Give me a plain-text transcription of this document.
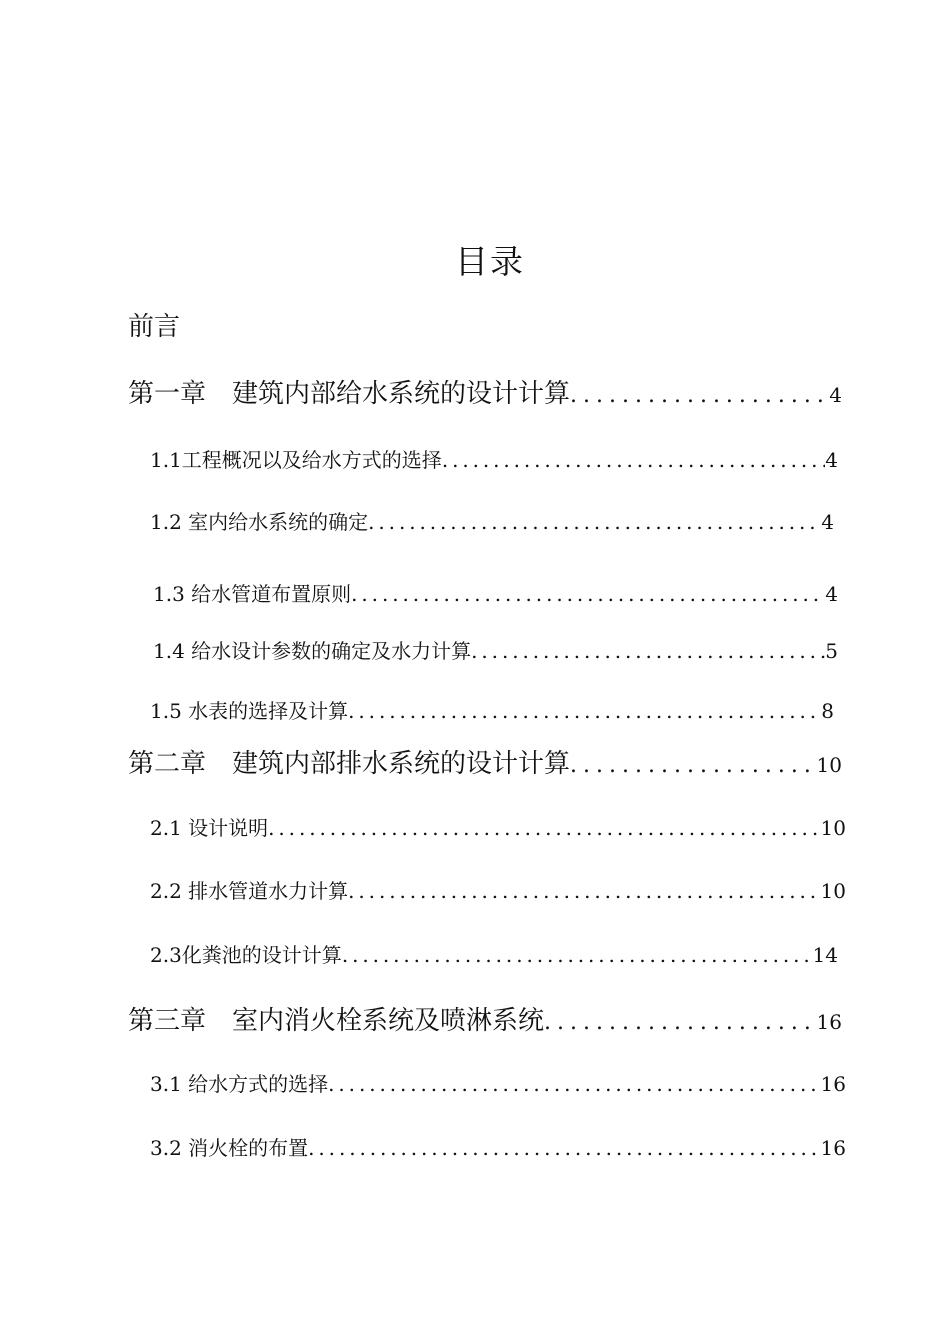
目录
前言
第一章　建筑内部给水系统的设计计算 .....	4
1.1工程概况以及给水方式的选择 .....	4
1.2 室内给水系统的确定 .....	4
1.3 给水管道布置原则 .....	4
1.4 给水设计参数的确定及水力计算 .....	5
1.5 水表的选择及计算 .....	8
第二章　建筑内部排水系统的设计计算 .....	10
2.1 设计说明 .....	10
2.2 排水管道水力计算 .....	10
2.3化粪池的设计计算 .....	14
第三章　室内消火栓系统及喷淋系统 .....	16
3.1 给水方式的选择 .....	16
3.2 消火栓的布置 .....	16
